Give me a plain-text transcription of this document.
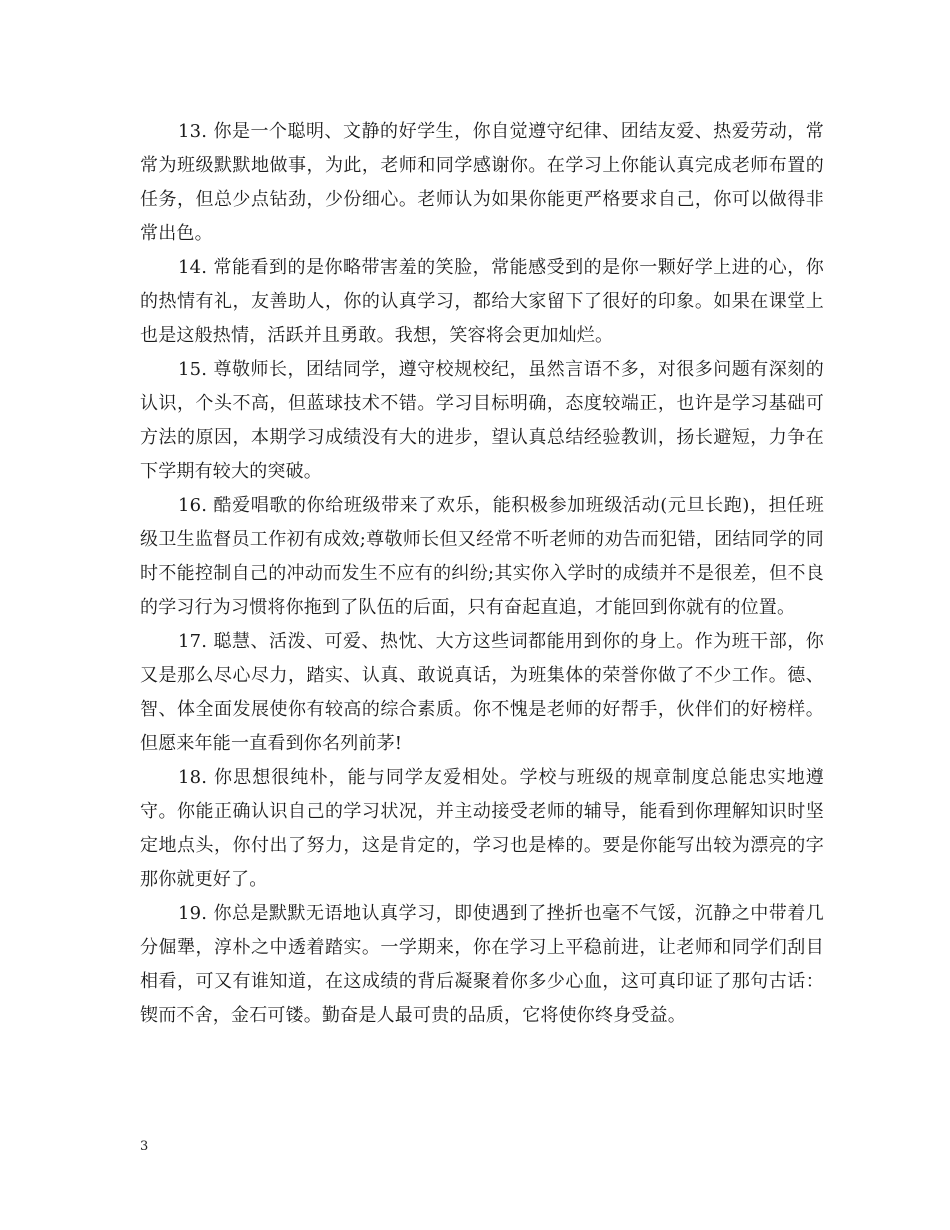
13. 你是一个聪明、文静的好学生，你自觉遵守纪律、团结友爱、热爱劳动，常常为班级默默地做事，为此，老师和同学感谢你。在学习上你能认真完成老师布置的任务，但总少点钻劲，少份细心。老师认为如果你能更严格要求自己，你可以做得非常出色。

14. 常能看到的是你略带害羞的笑脸，常能感受到的是你一颗好学上进的心，你的热情有礼，友善助人，你的认真学习，都给大家留下了很好的印象。如果在课堂上也是这般热情，活跃并且勇敢。我想，笑容将会更加灿烂。

15. 尊敬师长，团结同学，遵守校规校纪，虽然言语不多，对很多问题有深刻的认识，个头不高，但蓝球技术不错。学习目标明确，态度较端正，也许是学习基础可方法的原因，本期学习成绩没有大的进步，望认真总结经验教训，扬长避短，力争在下学期有较大的突破。

16. 酷爱唱歌的你给班级带来了欢乐，能积极参加班级活动(元旦长跑)，担任班级卫生监督员工作初有成效;尊敬师长但又经常不听老师的劝告而犯错，团结同学的同时不能控制自己的冲动而发生不应有的纠纷;其实你入学时的成绩并不是很差，但不良的学习行为习惯将你拖到了队伍的后面，只有奋起直追，才能回到你就有的位置。

17. 聪慧、活泼、可爱、热忱、大方这些词都能用到你的身上。作为班干部，你又是那么尽心尽力，踏实、认真、敢说真话，为班集体的荣誉你做了不少工作。德、智、体全面发展使你有较高的综合素质。你不愧是老师的好帮手，伙伴们的好榜样。但愿来年能一直看到你名列前茅!

18. 你思想很纯朴，能与同学友爱相处。学校与班级的规章制度总能忠实地遵守。你能正确认识自己的学习状况，并主动接受老师的辅导，能看到你理解知识时坚定地点头，你付出了努力，这是肯定的，学习也是棒的。要是你能写出较为漂亮的字那你就更好了。

19. 你总是默默无语地认真学习，即使遇到了挫折也毫不气馁，沉静之中带着几分倔犟，淳朴之中透着踏实。一学期来，你在学习上平稳前进，让老师和同学们刮目相看，可又有谁知道，在这成绩的背后凝聚着你多少心血，这可真印证了那句古话：锲而不舍，金石可镂。勤奋是人最可贵的品质，它将使你终身受益。

3
